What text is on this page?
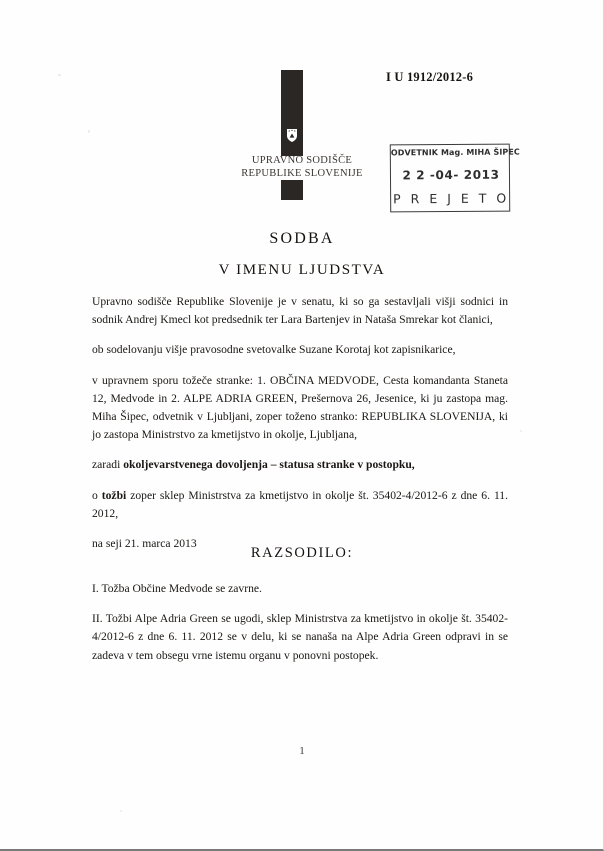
UPRAVNO SODIŠČE
REPUBLIKE SLOVENIJE
I U 1912/2012-6
ODVETNIK Mag. MIHA ŠIPEC
2 2 -04- 2013
P R E J E T O
SODBA
V IMENU LJUDSTVA

Upravno sodišče Republike Slovenije je v senatu, ki so ga sestavljali višji sodnici in sodnik Andrej Kmecl kot predsednik ter Lara Bartenjev in Nataša Smrekar kot članici,

ob sodelovanju višje pravosodne svetovalke Suzane Korotaj kot zapisnikarice,

v upravnem sporu tožeče stranke: 1. OBČINA MEDVODE, Cesta komandanta Staneta 12, Medvode in 2. ALPE ADRIA GREEN, Prešernova 26, Jesenice, ki ju zastopa mag. Miha Šipec, odvetnik v Ljubljani, zoper toženo stranko: REPUBLIKA SLOVENIJA, ki jo zastopa Ministrstvo za kmetijstvo in okolje, Ljubljana,

zaradi okoljevarstvenega dovoljenja – statusa stranke v postopku,

o tožbi zoper sklep Ministrstva za kmetijstvo in okolje št. 35402-4/2012-6 z dne 6. 11. 2012,

na seji 21. marca 2013

RAZSODILO:

I. Tožba Občine Medvode se zavrne.

II. Tožbi Alpe Adria Green se ugodi, sklep Ministrstva za kmetijstvo in okolje št. 35402-4/2012-6 z dne 6. 11. 2012 se v delu, ki se nanaša na Alpe Adria Green odpravi in se zadeva v tem obsegu vrne istemu organu v ponovni postopek.

1
